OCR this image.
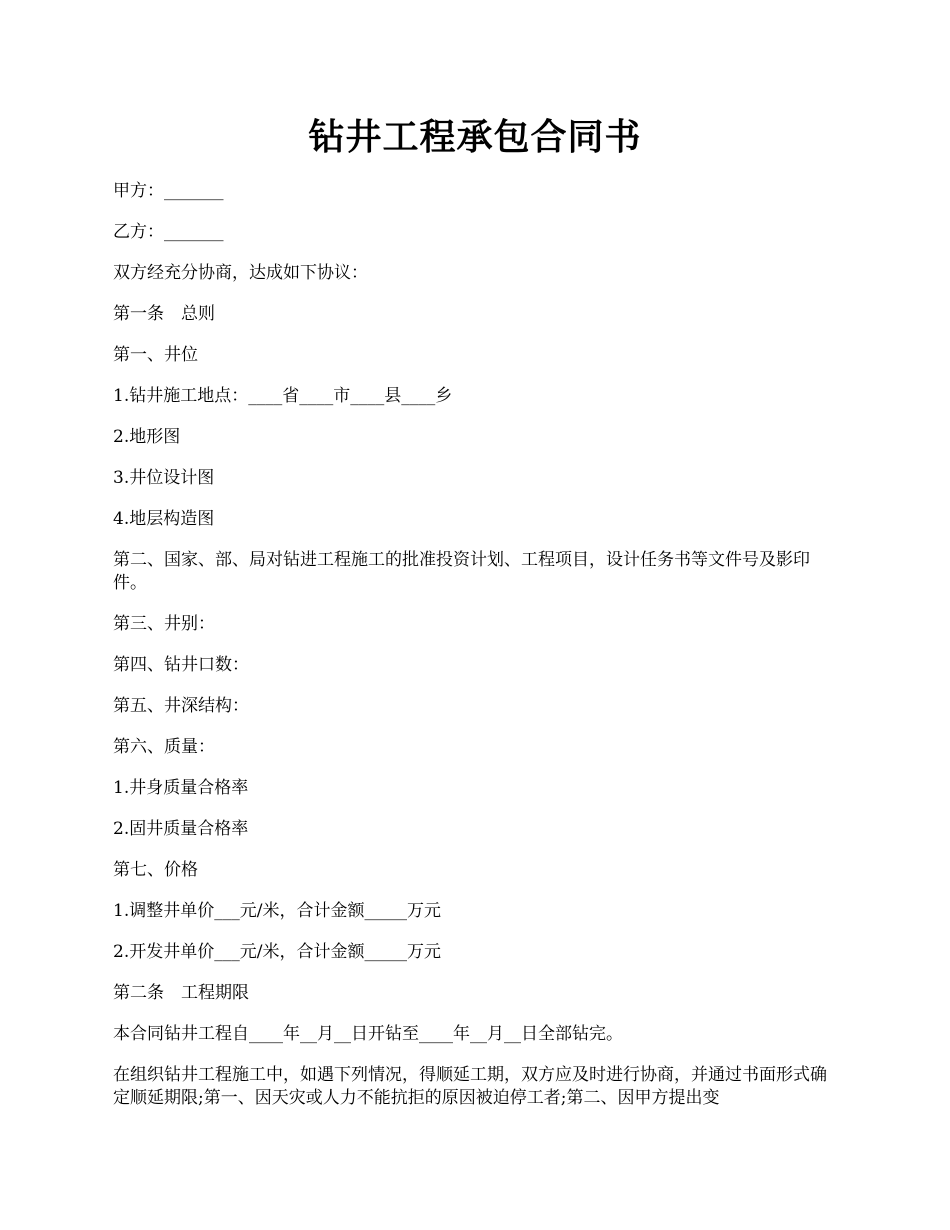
钻井工程承包合同书

甲方：_______

乙方：_______

双方经充分协商，达成如下协议：

第一条　总则

第一、井位

1.钻井施工地点：____省____市____县____乡

2.地形图

3.井位设计图

4.地层构造图

第二、国家、部、局对钻进工程施工的批准投资计划、工程项目，设计任务书等文件号及影印件。

第三、井别：

第四、钻井口数：

第五、井深结构：

第六、质量：

1.井身质量合格率

2.固井质量合格率

第七、价格

1.调整井单价___元/米，合计金额_____万元

2.开发井单价___元/米，合计金额_____万元

第二条　工程期限

本合同钻井工程自____年__月__日开钻至____年__月__日全部钻完。

在组织钻井工程施工中，如遇下列情况，得顺延工期，双方应及时进行协商，并通过书面形式确定顺延期限;第一、因天灾或人力不能抗拒的原因被迫停工者;第二、因甲方提出变
